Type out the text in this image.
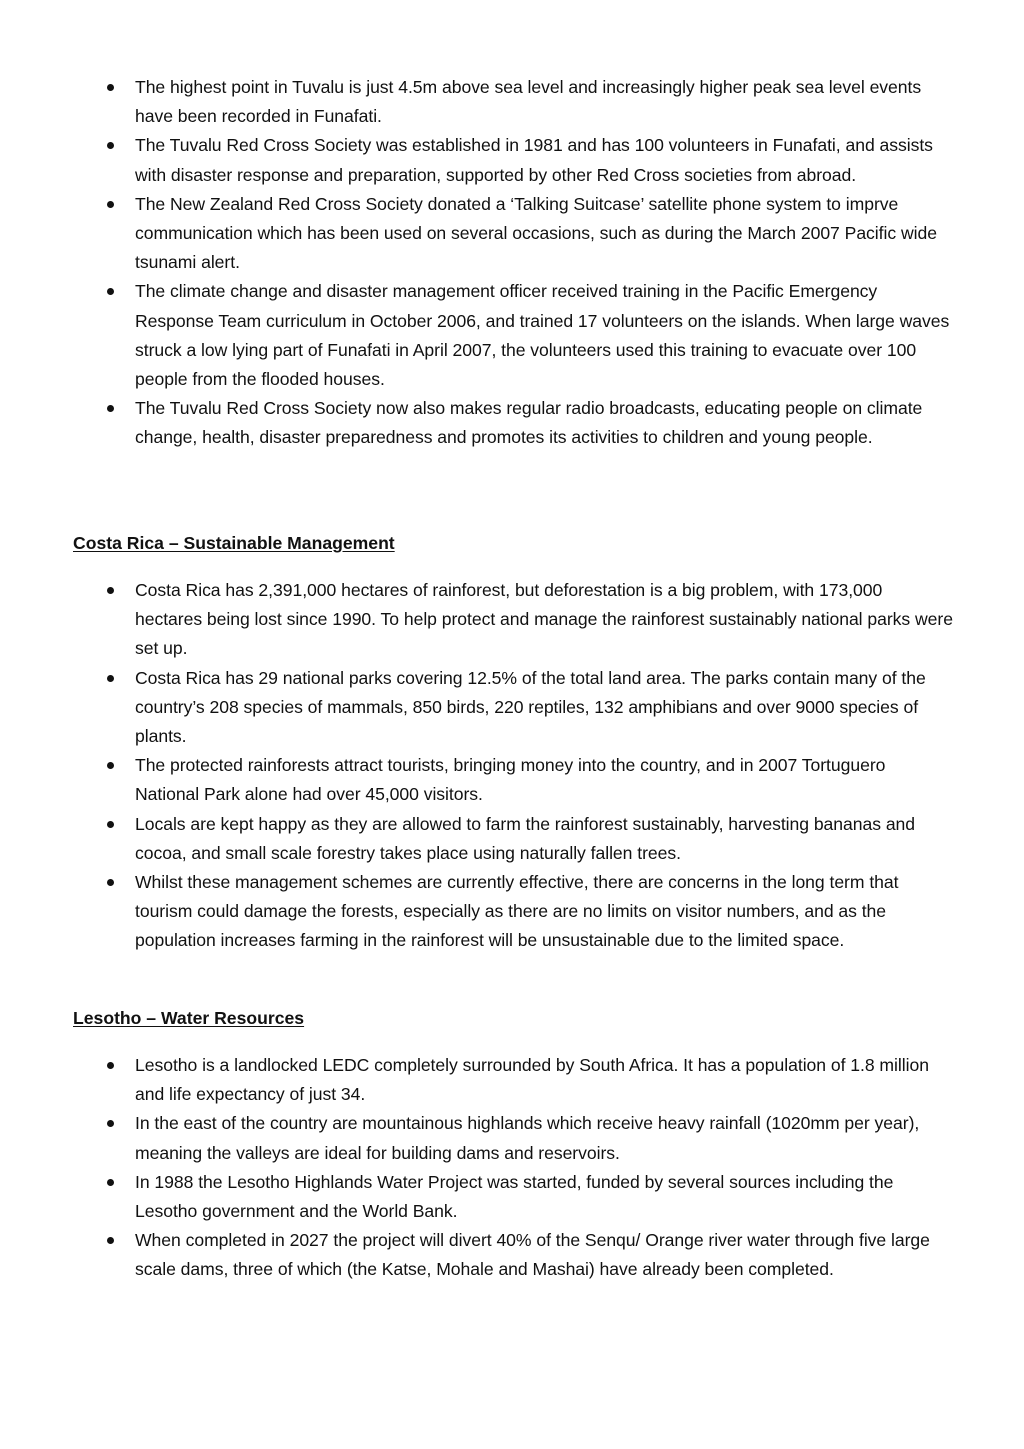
The highest point in Tuvalu is just 4.5m above sea level and increasingly higher peak sea level events have been recorded in Funafati.
The Tuvalu Red Cross Society was established in 1981 and has 100 volunteers in Funafati, and assists with disaster response and preparation, supported by other Red Cross societies from abroad.
The New Zealand Red Cross Society donated a ‘Talking Suitcase’ satellite phone system to imprve communication which has been used on several occasions, such as during the March 2007 Pacific wide tsunami alert.
The climate change and disaster management officer received training in the Pacific Emergency Response Team curriculum in October 2006, and trained 17 volunteers on the islands. When large waves struck a low lying part of Funafati in April 2007, the volunteers used this training to evacuate over 100 people from the flooded houses.
The Tuvalu Red Cross Society now also makes regular radio broadcasts, educating people on climate change, health, disaster preparedness and promotes its activities to children and young people.
Costa Rica – Sustainable Management
Costa Rica has 2,391,000 hectares of rainforest, but deforestation is a big problem, with 173,000 hectares being lost since 1990. To help protect and manage the rainforest sustainably national parks were set up.
Costa Rica has 29 national parks covering 12.5% of the total land area. The parks contain many of the country’s 208 species of mammals, 850 birds, 220 reptiles, 132 amphibians and over 9000 species of plants.
The protected rainforests attract tourists, bringing money into the country, and in 2007 Tortuguero National Park alone had over 45,000 visitors.
Locals are kept happy as they are allowed to farm the rainforest sustainably, harvesting bananas and cocoa, and small scale forestry takes place using naturally fallen trees.
Whilst these management schemes are currently effective, there are concerns in the long term that tourism could damage the forests, especially as there are no limits on visitor numbers, and as the population increases farming in the rainforest will be unsustainable due to the limited space.
Lesotho – Water Resources
Lesotho is a landlocked LEDC completely surrounded by South Africa. It has a population of 1.8 million and life expectancy of just 34.
In the east of the country are mountainous highlands which receive heavy rainfall (1020mm per year), meaning the valleys are ideal for building dams and reservoirs.
In 1988 the Lesotho Highlands Water Project was started, funded by several sources including the Lesotho government and the World Bank.
When completed in 2027 the project will divert 40% of the Senqu/ Orange river water through five large scale dams, three of which (the Katse, Mohale and Mashai) have already been completed.
